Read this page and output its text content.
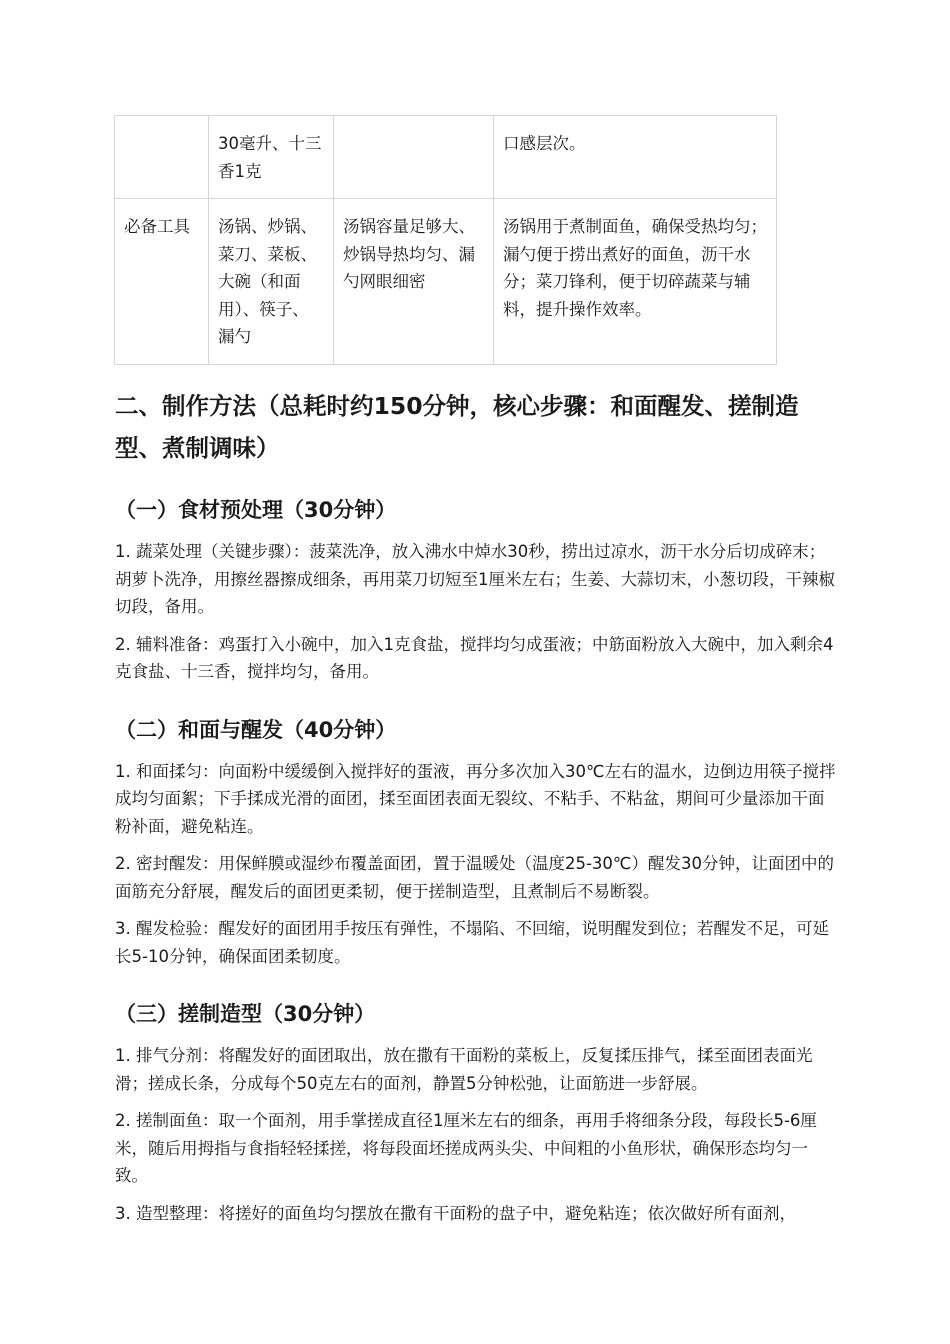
	30毫升、十三香1克		口感层次。
必备工具	汤锅、炒锅、菜刀、菜板、大碗（和面用）、筷子、漏勺	汤锅容量足够大、炒锅导热均匀、漏勺网眼细密	汤锅用于煮制面鱼，确保受热均匀；漏勺便于捞出煮好的面鱼，沥干水分；菜刀锋利，便于切碎蔬菜与辅料，提升操作效率。
二、制作方法（总耗时约150分钟，核心步骤：和面醒发、搓制造型、煮制调味）
（一）食材预处理（30分钟）

1. 蔬菜处理（关键步骤）：菠菜洗净，放入沸水中焯水30秒，捞出过凉水，沥干水分后切成碎末；胡萝卜洗净，用擦丝器擦成细条，再用菜刀切短至1厘米左右；生姜、大蒜切末，小葱切段，干辣椒切段，备用。

2. 辅料准备：鸡蛋打入小碗中，加入1克食盐，搅拌均匀成蛋液；中筋面粉放入大碗中，加入剩余4克食盐、十三香，搅拌均匀，备用。

（二）和面与醒发（40分钟）

1. 和面揉匀：向面粉中缓缓倒入搅拌好的蛋液，再分多次加入30℃左右的温水，边倒边用筷子搅拌成均匀面絮；下手揉成光滑的面团，揉至面团表面无裂纹、不粘手、不粘盆，期间可少量添加干面粉补面，避免粘连。

2. 密封醒发：用保鲜膜或湿纱布覆盖面团，置于温暖处（温度25-30℃）醒发30分钟，让面团中的面筋充分舒展，醒发后的面团更柔韧，便于搓制造型，且煮制后不易断裂。

3. 醒发检验：醒发好的面团用手按压有弹性，不塌陷、不回缩，说明醒发到位；若醒发不足，可延长5-10分钟，确保面团柔韧度。

（三）搓制造型（30分钟）

1. 排气分剂：将醒发好的面团取出，放在撒有干面粉的菜板上，反复揉压排气，揉至面团表面光滑；搓成长条，分成每个50克左右的面剂，静置5分钟松弛，让面筋进一步舒展。

2. 搓制面鱼：取一个面剂，用手掌搓成直径1厘米左右的细条，再用手将细条分段，每段长5-6厘米，随后用拇指与食指轻轻揉搓，将每段面坯搓成两头尖、中间粗的小鱼形状，确保形态均匀一致。

3. 造型整理：将搓好的面鱼均匀摆放在撒有干面粉的盘子中，避免粘连；依次做好所有面剂，
